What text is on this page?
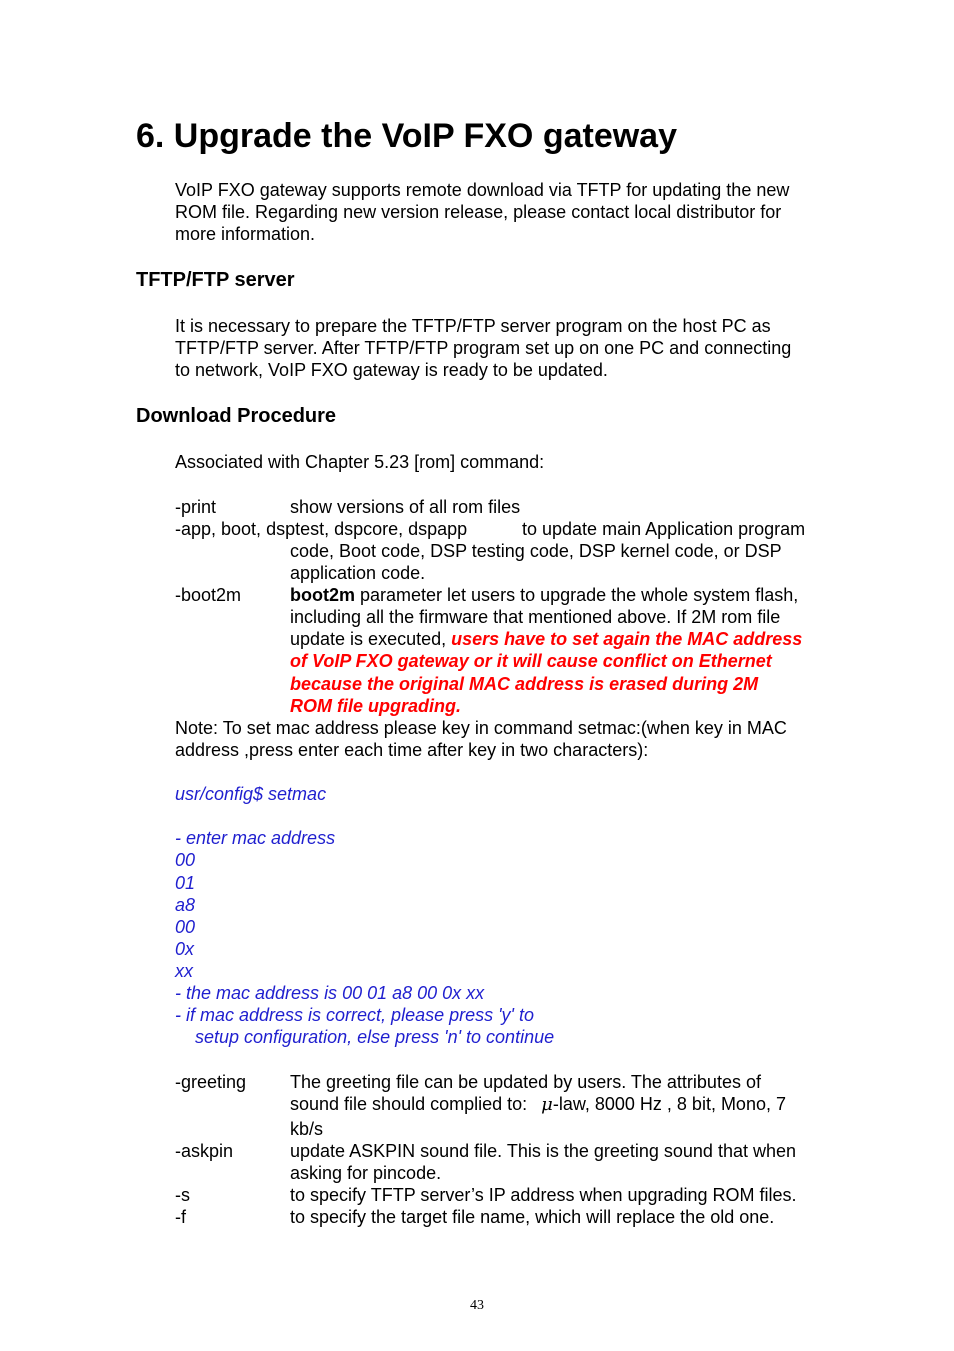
6. Upgrade the VoIP FXO gateway
VoIP FXO gateway supports remote download via TFTP for updating the new
ROM file. Regarding new version release, please contact local distributor for
more information.
TFTP/FTP server
It is necessary to prepare the TFTP/FTP server program on the host PC as
TFTP/FTP server. After TFTP/FTP program set up on one PC and connecting
to network, VoIP FXO gateway is ready to be updated.
Download Procedure
Associated with Chapter 5.23 [rom] command:
-print	show versions of all rom files
-app, boot, dsptest, dspcore, dspapp	to update main Application program
code, Boot code, DSP testing code, DSP kernel code, or DSP
application code.
-boot2m	boot2m parameter let users to upgrade the whole system flash,
including all the firmware that mentioned above. If 2M rom file
update is executed, users have to set again the MAC address
of VoIP FXO gateway or it will cause conflict on Ethernet
because the original MAC address is erased during 2M
ROM file upgrading.
Note: To set mac address please key in command setmac:(when key in MAC
address ,press enter each time after key in two characters):
usr/config$ setmac
- enter mac address
00
01
a8
00
0x
xx
- the mac address is 00 01 a8 00 0x xx
- if mac address is correct, please press 'y' to
setup configuration, else press 'n' to continue
-greeting The greeting file can be updated by users. The attributes of
sound file should complied to: μ-law, 8000 Hz , 8 bit, Mono, 7
kb/s
-askpin	update ASKPIN sound file. This is the greeting sound that when
asking for pincode.
-s	to specify TFTP server’s IP address when upgrading ROM files.
-f	to specify the target file name, which will replace the old one.
43
